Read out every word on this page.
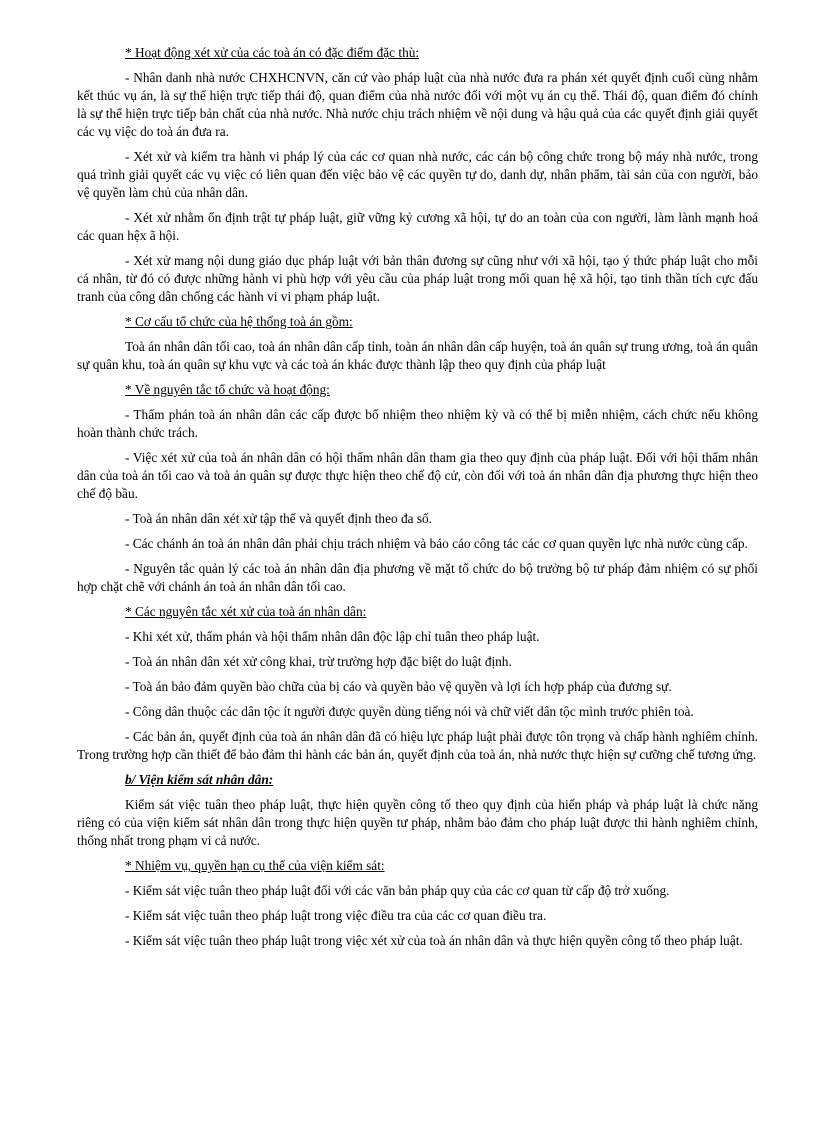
* Hoạt động xét xử của các toà án có đặc điểm đặc thù:

- Nhân danh nhà nước CHXHCNVN, căn cứ vào pháp luật của nhà nước đưa ra phán xét quyết định cuối cùng nhằm kết thúc vụ án, là sự thể hiện trực tiếp thái độ, quan điểm của nhà nước đối với một vụ án cụ thể. Thái độ, quan điểm đó chính là sự thể hiện trực tiếp bản chất của nhà nước. Nhà nước chịu trách nhiệm về nội dung và hậu quả của các quyết định giải quyết các vụ việc do toà án đưa ra.

- Xét xử và kiểm tra hành vi pháp lý của các cơ quan nhà nước, các cán bộ công chức trong bộ máy nhà nước, trong quá trình giải quyết các vụ việc có liên quan đến việc bảo vệ các quyền tự do, danh dự, nhân phẩm, tài sản của con người, bảo vệ quyền làm chủ của nhân dân.

- Xét xử nhằm ổn định trật tự pháp luật, giữ vững kỷ cương xã hội, tự do an toàn của con người, làm lành mạnh hoá các quan hệx ã hội.

- Xét xử mang nội dung giáo dục pháp luật với bản thân đương sự cũng như với xã hội, tạo ý thức pháp luật cho mỗi cá nhân, từ đó có được những hành vi phù hợp với yêu cầu của pháp luật trong mối quan hệ xã hội, tạo tinh thần tích cực đấu tranh của công dân chống các hành vi vi phạm pháp luật.

* Cơ cấu tổ chức của hệ thống toà án gồm:

Toà án nhân dân tối cao, toà án nhân dân cấp tỉnh, toàn án nhân dân cấp huyện, toà án quân sự trung ương, toà án quân sự quân khu, toà án quân sự khu vực và các toà án khác được thành lập theo quy định của pháp luật

* Về nguyên tắc tổ chức và hoạt động:

- Thẩm phán toà án nhân dân các cấp được bổ nhiệm theo nhiệm kỳ và có thể bị miễn nhiệm, cách chức nếu không hoàn thành chức trách.

- Việc xét xử của toà án nhân dân có hội thẩm nhân dân tham gia theo quy định của pháp luật. Đối với hội thẩm nhân dân của toà án tối cao và toà án quân sự được thực hiện theo chế độ cử, còn đối với toà án nhân dân địa phương thực hiện theo chế độ bầu.

- Toà án nhân dân xét xử tập thể và quyết định theo đa số.

- Các chánh án toà án nhân dân phải chịu trách nhiệm và báo cáo công tác các cơ quan quyền lực nhà nước cùng cấp.

- Nguyên tắc quản lý các toà án nhân dân địa phương về mặt tổ chức do bộ trưởng bộ tư pháp đảm nhiệm có sự phối hợp chặt chẽ với chánh án toà án nhân dân tối cao.

* Các nguyên tắc xét xử của toà án nhân dân:

- Khi xét xử, thẩm phán và hội thẩm nhân dân độc lập chỉ tuân theo pháp luật.

- Toà án nhân dân xét xử công khai, trừ trường hợp đặc biệt do luật định.

- Toà án bảo đảm quyền bào chữa của bị cáo và quyền bảo vệ quyền và lợi ích hợp pháp của đương sự.

- Công dân thuộc các dân tộc ít người được quyền dùng tiếng nói và chữ viết dân tộc mình trước phiên toà.

- Các bản án, quyết định của toà án nhân dân đã có hiệu lực pháp luật phải được tôn trọng và chấp hành nghiêm chỉnh. Trong trường hợp cần thiết để bảo đảm thi hành các bản án, quyết định của toà án, nhà nước thực hiện sự cưỡng chế tương ứng.

b/ Viện kiểm sát nhân dân:

Kiểm sát việc tuân theo pháp luật, thực hiện quyền công tố theo quy định của hiến pháp và pháp luật là chức năng riêng có của viện kiểm sát nhân dân trong thực hiện quyền tư pháp, nhằm bảo đảm cho pháp luật được thi hành nghiêm chỉnh, thống nhất trong phạm vi cả nước.

* Nhiệm vụ, quyền hạn cụ thể của viện kiểm sát:

- Kiểm sát việc tuân theo pháp luật đối với các văn bản pháp quy của các cơ quan từ cấp độ trở xuống.

- Kiểm sát việc tuân theo pháp luật trong việc điều tra của các cơ quan điều tra.

- Kiểm sát việc tuân theo pháp luật trong việc xét xử của toà án nhân dân và thực hiện quyền công tố theo pháp luật.
